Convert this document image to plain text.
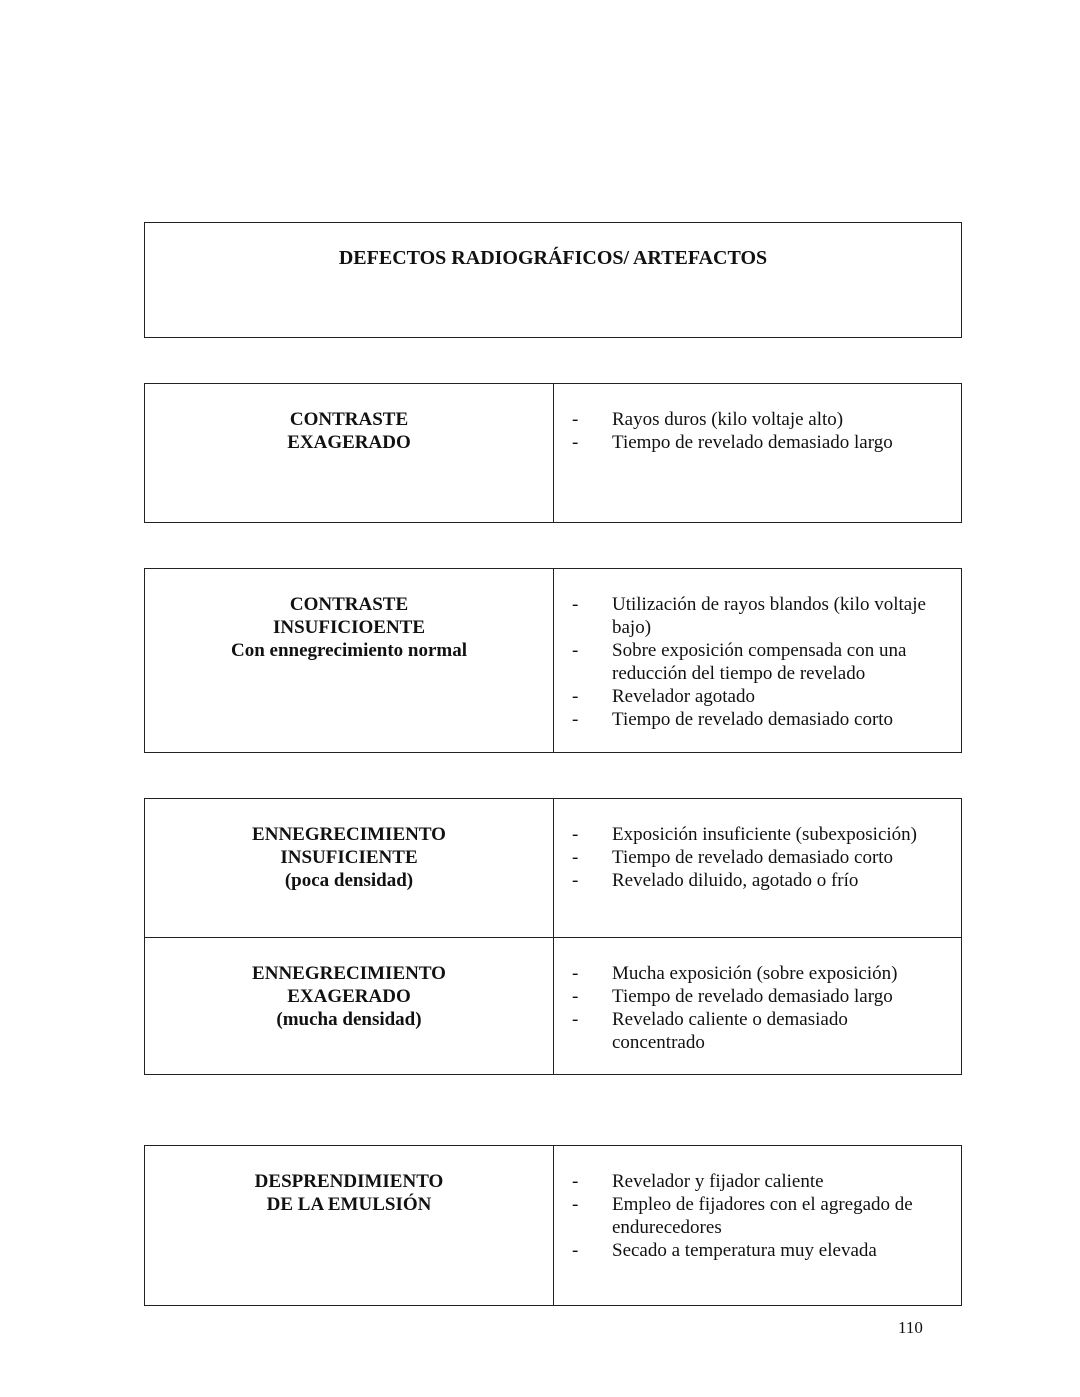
DEFECTOS RADIOGRÁFICOS/ ARTEFACTOS
CONTRASTE
EXAGERADO
- Rayos duros (kilo voltaje alto)
- Tiempo de revelado demasiado largo
CONTRASTE
INSUFICIOENTE
Con ennegrecimiento normal
- Utilización de rayos blandos (kilo voltaje bajo)
- Sobre exposición compensada con una reducción del tiempo de revelado
- Revelador agotado
- Tiempo de revelado demasiado corto
ENNEGRECIMIENTO
INSUFICIENTE
(poca densidad)
- Exposición insuficiente (subexposición)
- Tiempo de revelado demasiado corto
- Revelado diluido, agotado o frío
ENNEGRECIMIENTO
EXAGERADO
(mucha densidad)
- Mucha exposición (sobre exposición)
- Tiempo de revelado demasiado largo
- Revelado caliente o demasiado concentrado
DESPRENDIMIENTO
DE LA EMULSIÓN
- Revelador y fijador caliente
- Empleo de fijadores con el agregado de endurecedores
- Secado a temperatura muy elevada
110
